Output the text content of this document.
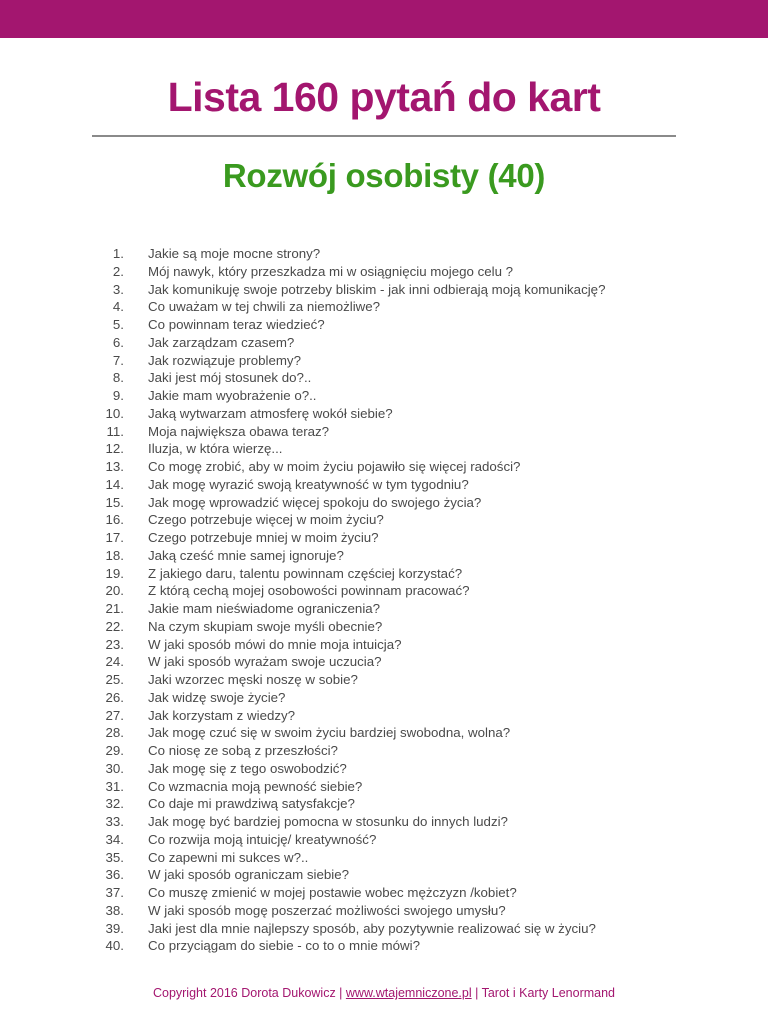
Lista 160 pytań do kart
Rozwój osobisty (40)
1. Jakie są moje mocne strony?
2. Mój nawyk, który przeszkadza mi w osiągnięciu mojego celu ?
3. Jak komunikuję swoje potrzeby bliskim - jak inni odbierają moją komunikację?
4. Co uważam w tej chwili za niemożliwe?
5. Co powinnam teraz wiedzieć?
6. Jak zarządzam czasem?
7. Jak rozwiązuje problemy?
8. Jaki jest mój stosunek do?..
9. Jakie mam wyobrażenie o?..
10. Jaką wytwarzam atmosferę wokół siebie?
11. Moja największa obawa teraz?
12. Iluzja, w która wierzę...
13. Co mogę zrobić, aby w moim życiu pojawiło się więcej radości?
14. Jak mogę wyrazić swoją kreatywność w tym tygodniu?
15. Jak mogę wprowadzić więcej spokoju do swojego życia?
16. Czego potrzebuje więcej w moim życiu?
17. Czego potrzebuje mniej w moim życiu?
18. Jaką cześć mnie samej ignoruje?
19. Z jakiego daru, talentu powinnam częściej korzystać?
20. Z którą cechą mojej osobowości powinnam pracować?
21. Jakie mam nieświadome ograniczenia?
22. Na czym skupiam swoje myśli obecnie?
23. W jaki sposób mówi do mnie moja intuicja?
24. W jaki sposób wyrażam swoje uczucia?
25. Jaki wzorzec męski noszę w sobie?
26. Jak widzę swoje życie?
27. Jak korzystam z wiedzy?
28. Jak mogę czuć się w swoim życiu bardziej swobodna, wolna?
29. Co niosę ze sobą z przeszłości?
30. Jak mogę się z tego oswobodzić?
31. Co wzmacnia moją pewność siebie?
32. Co daje mi prawdziwą satysfakcje?
33. Jak mogę być bardziej pomocna w stosunku do innych ludzi?
34. Co rozwija moją intuicję/ kreatywność?
35. Co zapewni mi sukces w?..
36. W jaki sposób ograniczam siebie?
37. Co muszę zmienić w mojej postawie wobec mężczyzn /kobiet?
38. W jaki sposób mogę poszerzać możliwości swojego umysłu?
39. Jaki jest dla mnie najlepszy sposób, aby pozytywnie realizować się w życiu?
40. Co przyciągam do siebie - co to o mnie mówi?
Copyright 2016 Dorota Dukowicz | www.wtajemniczone.pl | Tarot i Karty Lenormand
